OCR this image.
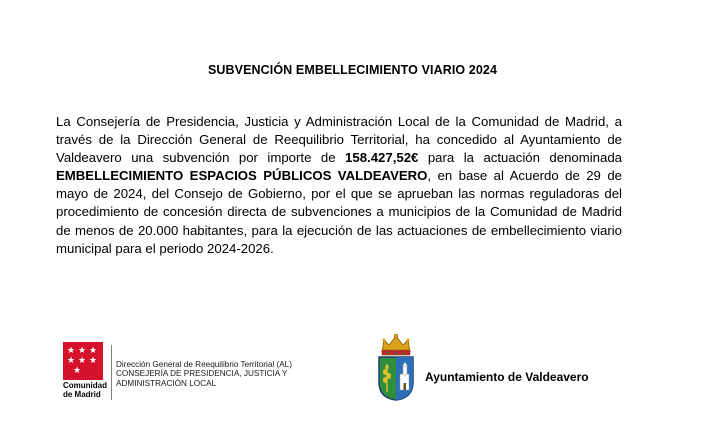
SUBVENCIÓN EMBELLECIMIENTO VIARIO 2024
La Consejería de Presidencia, Justicia y Administración Local de la Comunidad de Madrid, a través de la Dirección General de Reequilibrio Territorial, ha concedido al Ayuntamiento de Valdeavero una subvención por importe de 158.427,52€ para la actuación denominada EMBELLECIMIENTO ESPACIOS PÚBLICOS VALDEAVERO, en base al Acuerdo de 29 de mayo de 2024, del Consejo de Gobierno, por el que se aprueban las normas reguladoras del procedimiento de concesión directa de subvenciones a municipios de la Comunidad de Madrid de menos de 20.000 habitantes, para la ejecución de las actuaciones de embellecimiento viario municipal para el periodo 2024-2026.
★ ★ ★
★ ★ ★
★
Comunidad
de Madrid
Dirección General de Reequilibrio Territorial (AL)
CONSEJERÍA DE PRESIDENCIA, JUSTICIA Y
ADMINISTRACIÓN LOCAL	Ayuntamiento de Valdeavero
